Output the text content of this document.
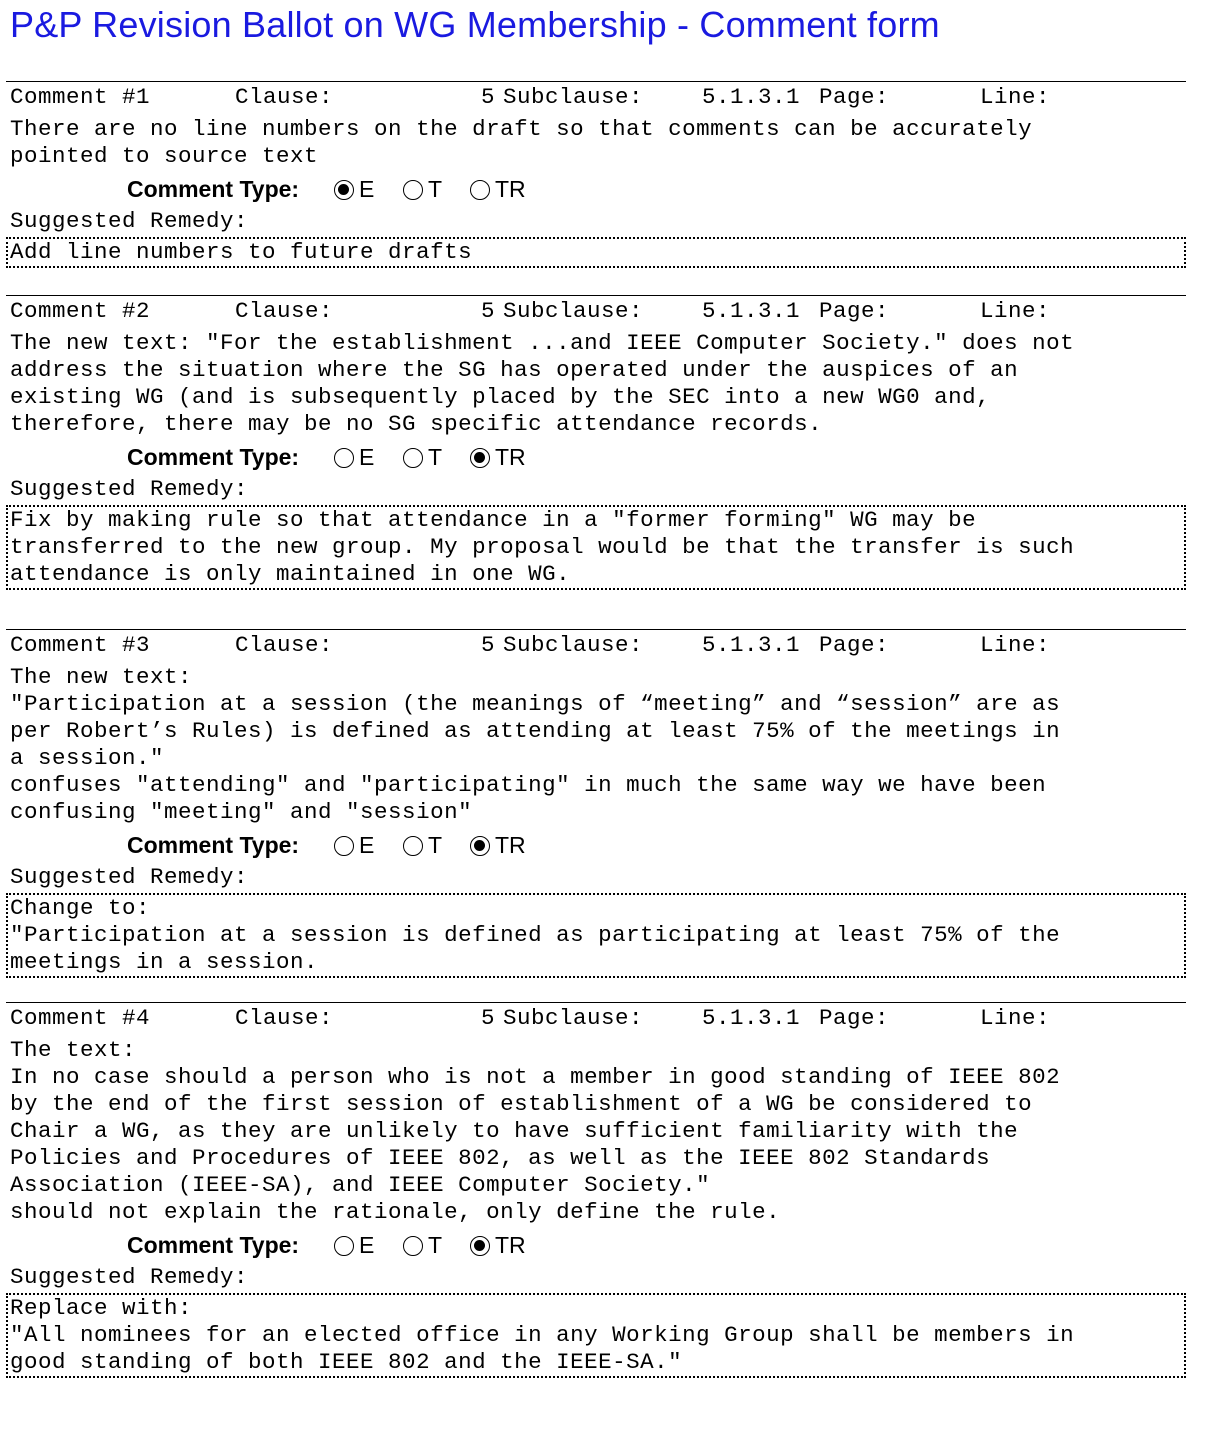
P&P Revision Ballot on WG Membership - Comment form
Comment #1	Clause:	5 Subclause:	5.1.3.1 Page:	Line:
There are no line numbers on the draft so that comments can be accurately
pointed to source text
Comment Type:	E T TR
Suggested Remedy:
Add line numbers to future drafts
Comment #2	Clause:	5 Subclause:	5.1.3.1 Page:	Line:
The new text: "For the establishment ...and IEEE Computer Society." does not
address the situation where the SG has operated under the auspices of an
existing WG (and is subsequently placed by the SEC into a new WG0 and,
therefore, there may be no SG specific attendance records.

Comment Type:	E T TR
Suggested Remedy:
Fix by making rule so that attendance in a "former forming" WG may be
transferred to the new group. My proposal would be that the transfer is such
attendance is only maintained in one WG.
Comment #3	Clause:	5 Subclause:	5.1.3.1 Page:	Line:
The new text:
"Participation at a session (the meanings of “meeting” and “session” are as
per Robert’s Rules) is defined as attending at least 75% of the meetings in
a session."
confuses "attending" and "participating" in much the same way we have been
confusing "meeting" and "session"
Comment Type:	E T TR
Suggested Remedy:
Change to:
"Participation at a session is defined as participating at least 75% of the
meetings in a session.
Comment #4	Clause:	5 Subclause:	5.1.3.1 Page:	Line:
The text:
In no case should a person who is not a member in good standing of IEEE 802
by the end of the first session of establishment of a WG be considered to
Chair a WG, as they are unlikely to have sufficient familiarity with the
Policies and Procedures of IEEE 802, as well as the IEEE 802 Standards
Association (IEEE-SA), and IEEE Computer Society."
should not explain the rationale, only define the rule.
Comment Type:	E T TR
Suggested Remedy:
Replace with:
"All nominees for an elected office in any Working Group shall be members in
good standing of both IEEE 802 and the IEEE-SA."
